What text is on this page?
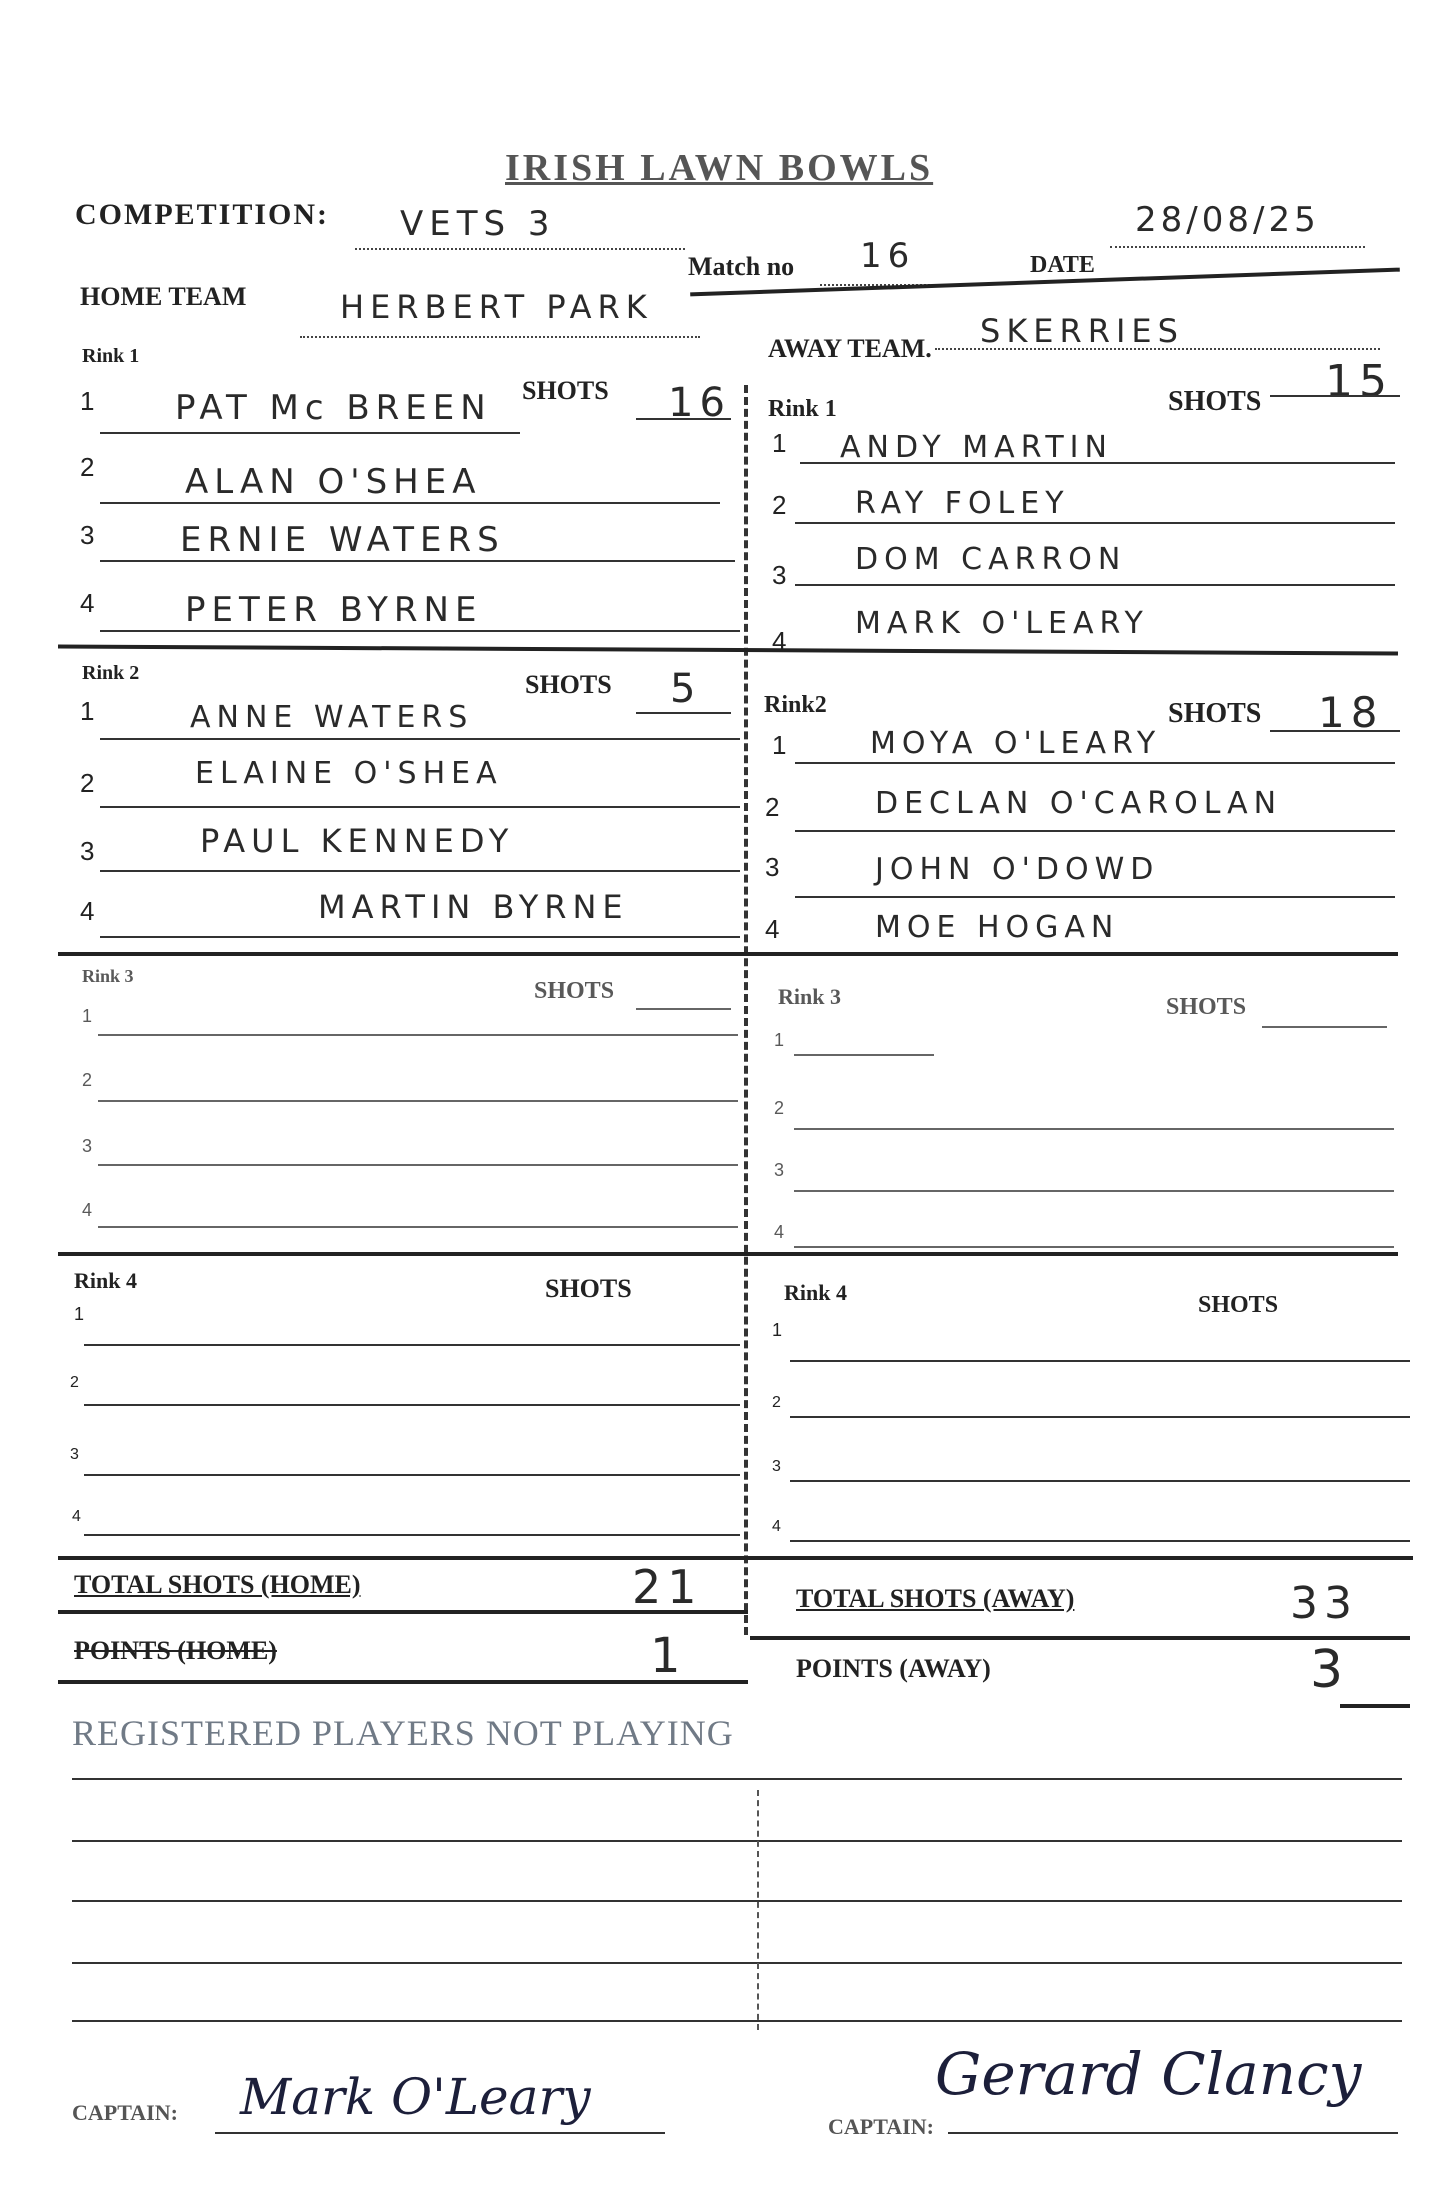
IRISH LAWN BOWLS
COMPETITION: VETS 3
Match no 16	DATE
28/08/25
HOME TEAM	HERBERT PARK
AWAY TEAM. SKERRIES
Rink 1
SHOTS 16
1 PAT Mc BREEN
2	ALAN O'SHEA
3	ERNIE WATERS
4	PETER BYRNE
Rink 1	SHOTS 15
1 ANDY MARTIN
2 RAY FOLEY
3 DOM CARRON
4 MARK O'LEARY
Rink 2	SHOTS 5
1	ANNE WATERS
2	ELAINE O'SHEA
3	PAUL KENNEDY
4	MARTIN BYRNE
Rink2	SHOTS 18
1	MOYA O'LEARY
2	DECLAN O'CAROLAN
3	JOHN O'DOWD
4	MOE HOGAN
Rink 3
SHOTS
1
2
3
4
Rink 3	SHOTS
1
2
3
4
Rink 4	SHOTS
1
2
3
4
Rink 4	SHOTS
1
2
3
4
TOTAL SHOTS (HOME)	21
POINTS (HOME)	1
TOTAL SHOTS (AWAY)	33
POINTS (AWAY)	3
REGISTERED PLAYERS NOT PLAYING
CAPTAIN: Mark O'Leary
CAPTAIN:
Gerard Clancy
